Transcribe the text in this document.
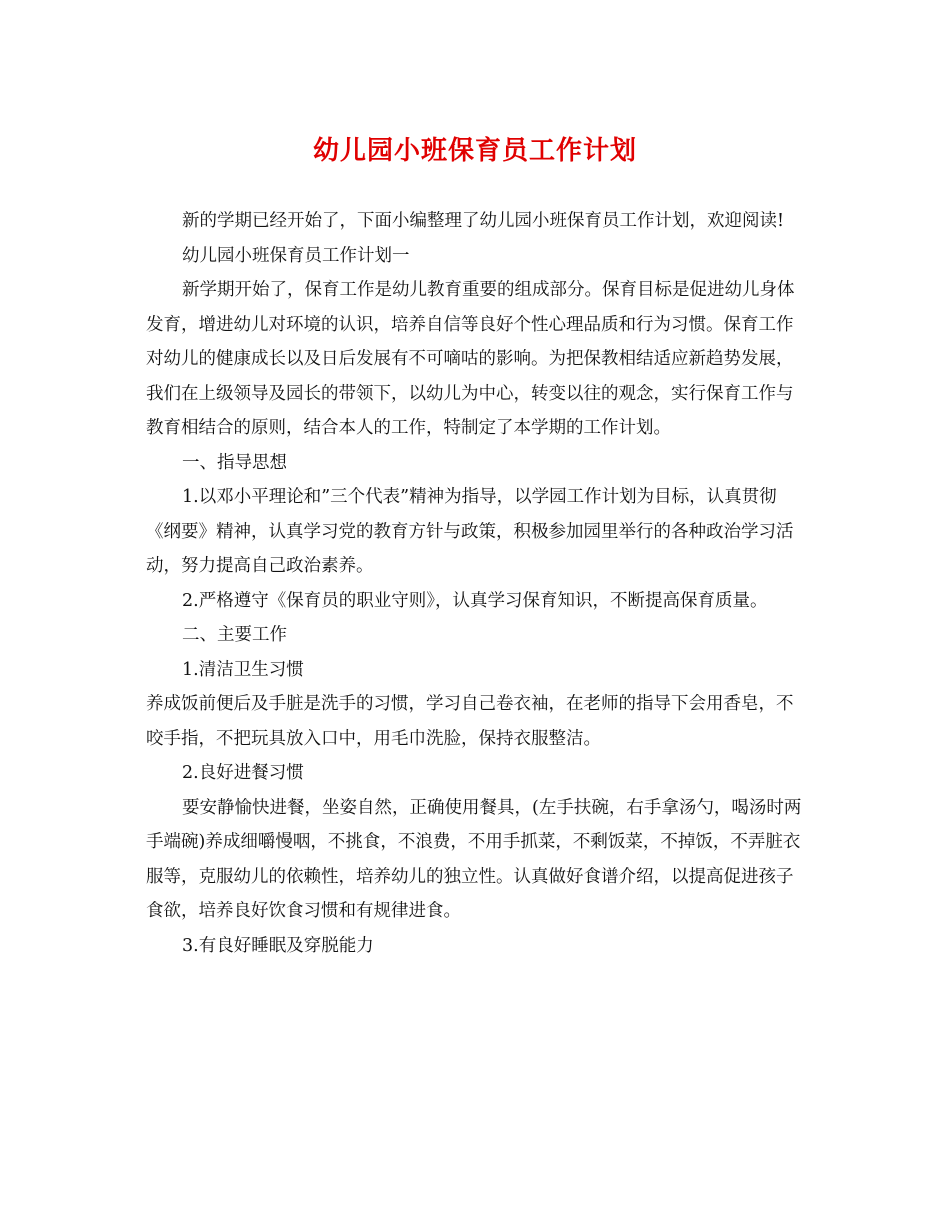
幼儿园小班保育员工作计划

新的学期已经开始了，下面小编整理了幼儿园小班保育员工作计划，欢迎阅读!

幼儿园小班保育员工作计划一

新学期开始了，保育工作是幼儿教育重要的组成部分。保育目标是促进幼儿身体发育，增进幼儿对环境的认识，培养自信等良好个性心理品质和行为习惯。保育工作对幼儿的健康成长以及日后发展有不可嘀咕的影响。为把保教相结适应新趋势发展，我们在上级领导及园长的带领下，以幼儿为中心，转变以往的观念，实行保育工作与教育相结合的原则，结合本人的工作，特制定了本学期的工作计划。

一、指导思想

1.以邓小平理论和”三个代表”精神为指导，以学园工作计划为目标，认真贯彻《纲要》精神，认真学习党的教育方针与政策，积极参加园里举行的各种政治学习活动，努力提高自己政治素养。

2.严格遵守《保育员的职业守则》，认真学习保育知识，不断提高保育质量。

二、主要工作

1.清洁卫生习惯

养成饭前便后及手脏是洗手的习惯，学习自己卷衣袖，在老师的指导下会用香皂，不咬手指，不把玩具放入口中，用毛巾洗脸，保持衣服整洁。

2.良好进餐习惯

要安静愉快进餐，坐姿自然，正确使用餐具，(左手扶碗，右手拿汤勺，喝汤时两手端碗)养成细嚼慢咽，不挑食，不浪费，不用手抓菜，不剩饭菜，不掉饭，不弄脏衣服等，克服幼儿的依赖性，培养幼儿的独立性。认真做好食谱介绍，以提高促进孩子食欲，培养良好饮食习惯和有规律进食。

3.有良好睡眠及穿脱能力
